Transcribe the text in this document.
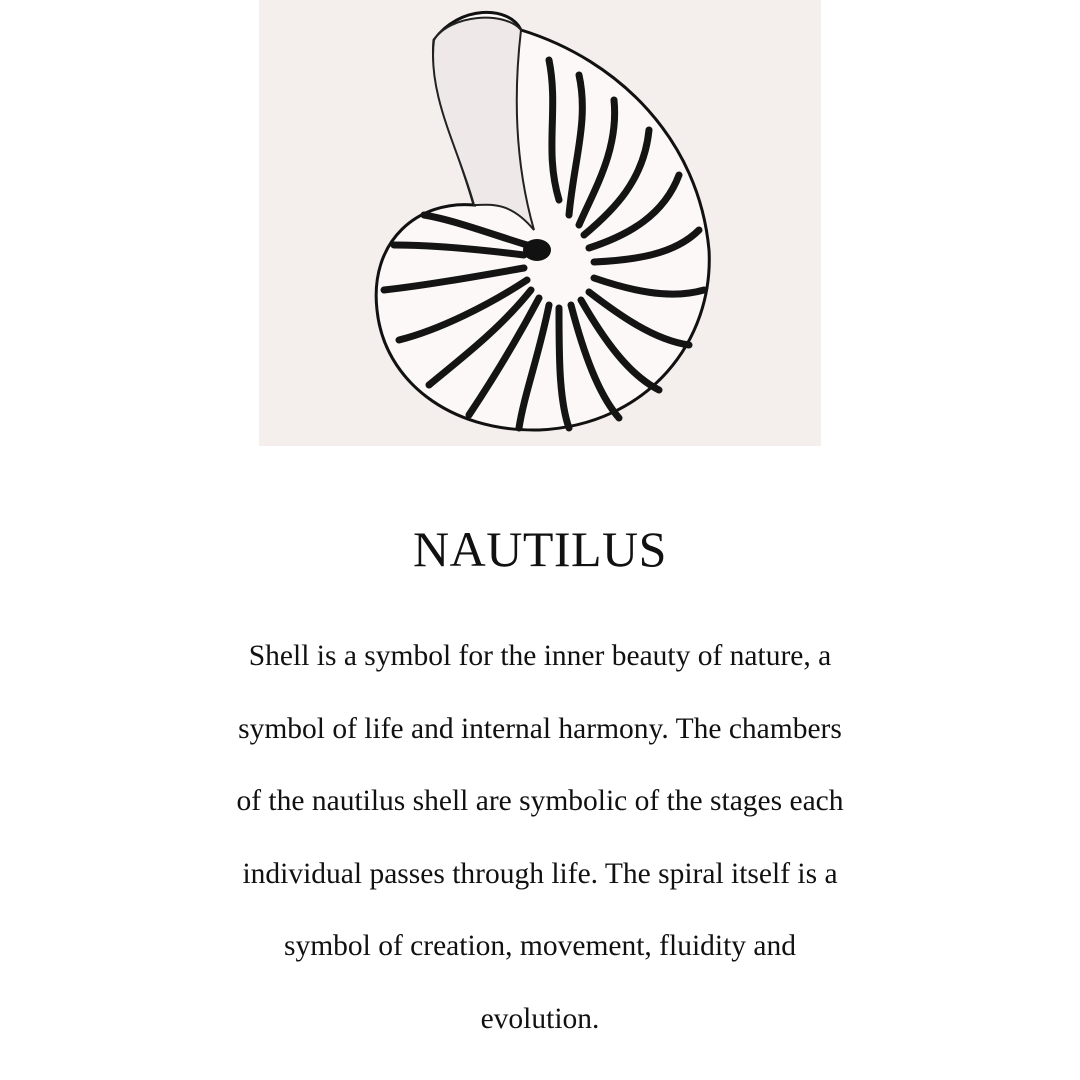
NAUTILUS
Shell is a symbol for the inner beauty of nature, a
symbol of life and internal harmony. The chambers
of the nautilus shell are symbolic of the stages each
individual passes through life. The spiral itself is a
symbol of creation, movement, fluidity and
evolution.
